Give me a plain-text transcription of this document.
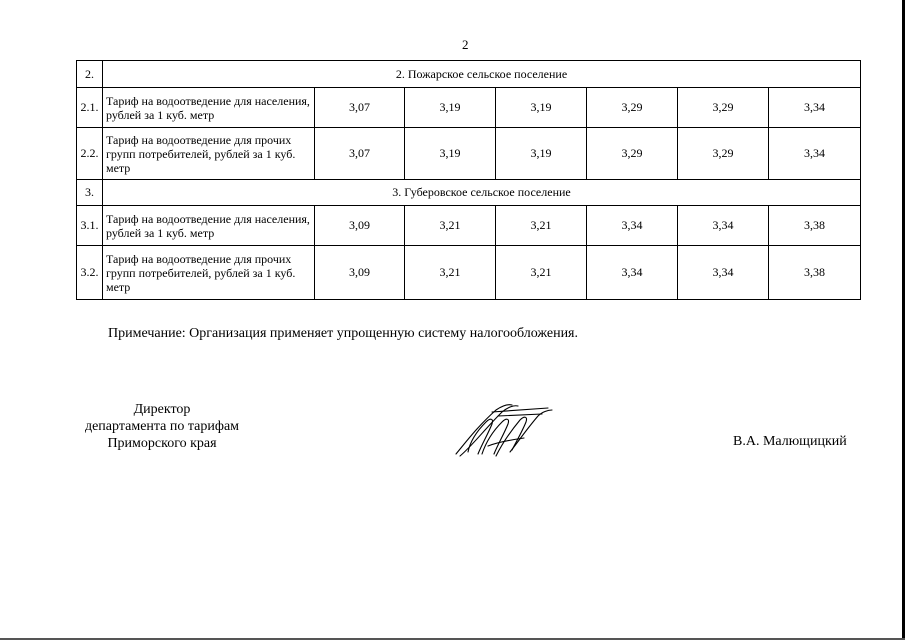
2
2.	2. Пожарское сельское поселение						
2.1.	Тариф на водоотведение для населения, рублей за 1 куб. метр	3,07	3,19	3,19	3,29	3,29	3,34
2.2.	Тариф на водоотведение для прочих групп потребителей, рублей за 1 куб. метр	3,07	3,19	3,19	3,29	3,29	3,34
3.	3. Губеровское сельское поселение						
3.1.	Тариф на водоотведение для населения, рублей за 1 куб. метр	3,09	3,21	3,21	3,34	3,34	3,38
3.2.	Тариф на водоотведение для прочих групп потребителей, рублей за 1 куб. метр	3,09	3,21	3,21	3,34	3,34	3,38
Примечание: Организация применяет упрощенную систему налогообложения.
Директор
департамента по тарифам
Приморского края	В.А. Малющицкий
